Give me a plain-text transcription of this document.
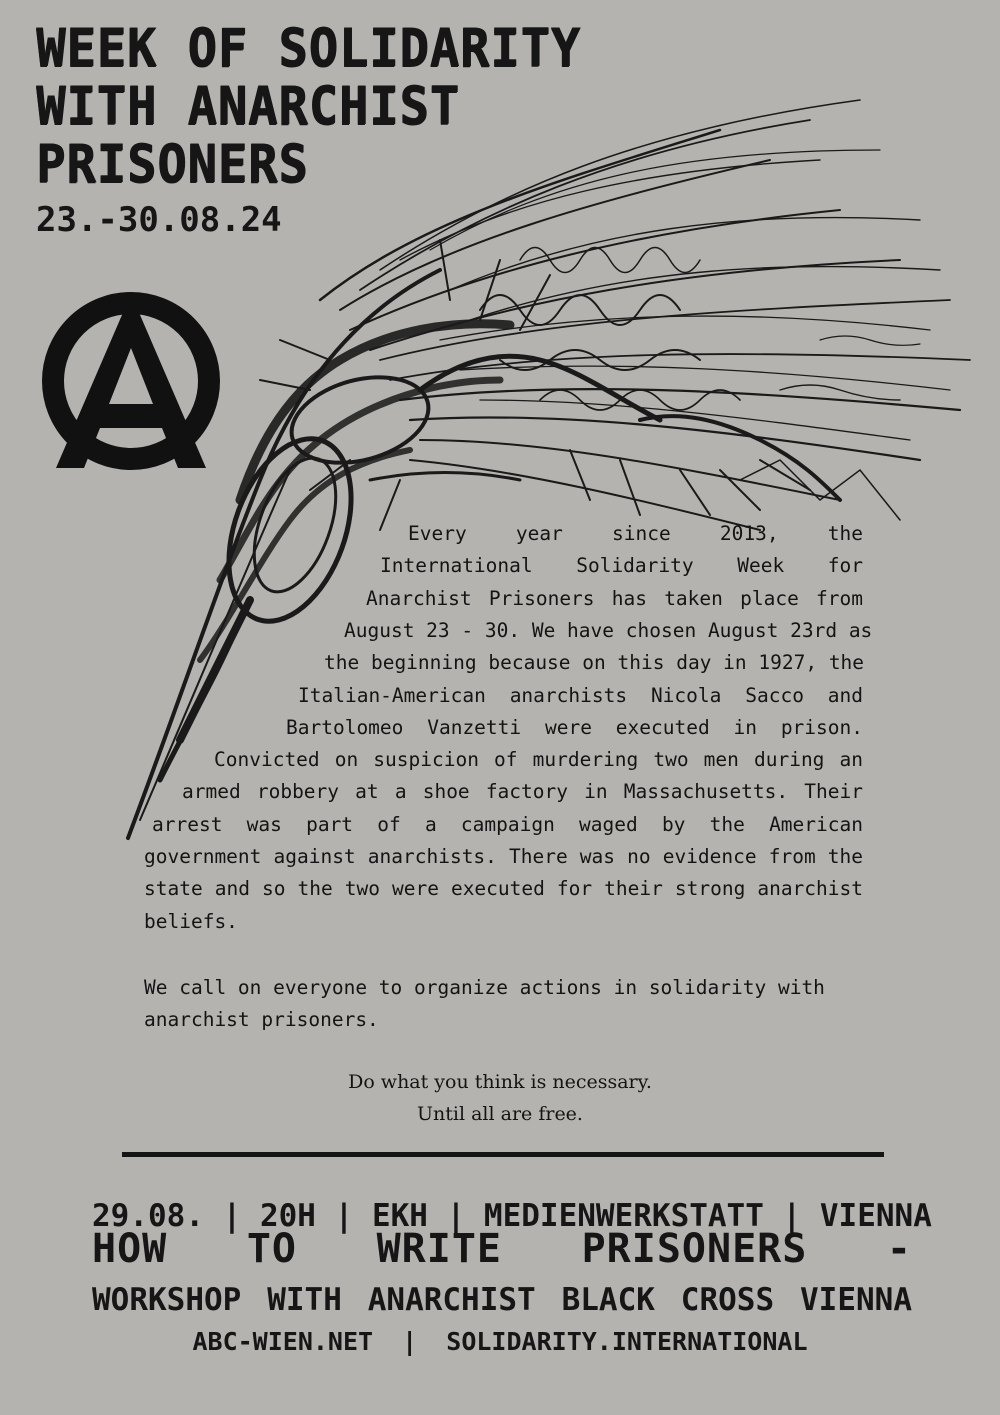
WEEK OF SOLIDARITY
WITH ANARCHIST
PRISONERS
23.-30.08.24
Every year since 2013, the
International Solidarity Week for
Anarchist Prisoners has taken place from
August 23 - 30. We have chosen August 23rd as
the beginning because on this day in 1927, the
Italian-American anarchists Nicola Sacco and
Bartolomeo Vanzetti were executed in prison.
Convicted on suspicion of murdering two men during an
armed robbery at a shoe factory in Massachusetts. Their
arrest was part of a campaign waged by the American
government against anarchists. There was no evidence from the
state and so the two were executed for their strong anarchist
beliefs.
We call on everyone to organize actions in solidarity with anarchist prisoners.
Do what you think is necessary.
Until all are free.
29.08. | 20H | EKH | MEDIENWERKSTATT | VIENNA
HOW TO WRITE PRISONERS -
WORKSHOP WITH ANARCHIST BLACK CROSS VIENNA
ABC-WIEN.NET | SOLIDARITY.INTERNATIONAL
